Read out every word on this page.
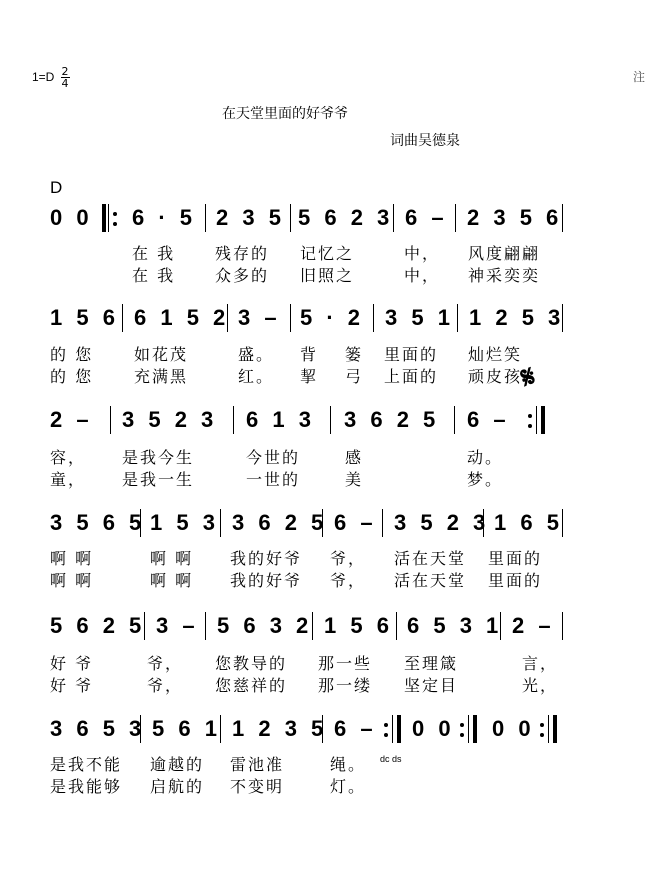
1=D 2
4	注
在天堂里面的好爷爷
词曲吴德泉
D
0 0 6 · 5 2 3 5 5 6 2 3 6 – 2 3 5 6
在 我 残存的 记忆之	中， 风度翩翩
在 我 众多的 旧照之	中， 神采奕奕
1 5 6 6 1 5 2 3 – 5 · 2 3 5 1 1 2 5 3
的 您	如花茂	盛。 背 篓 里面的 灿烂笑
的 您	充满黑	红。 挈 弓 上面的 顽皮孩
𝄋
2 – 3 5 2 3 6 1 3 3 6 2 5 6 –
容， 是我今生	今世的	感	动。
童， 是我一生	一世的	美	梦。
3 5 6 5 1 5 3 3 6 2 5 6 – 3 5 2 3 1 6 5
啊 啊	啊 啊 我的好爷 爷， 活在天堂 里面的
啊 啊	啊 啊 我的好爷 爷， 活在天堂 里面的
5 6 2 5 3 – 5 6 3 2 1 5 6 6 5 3 1 2 –
好 爷	爷， 您教导的 那一些 至理箴	言，
好 爷	爷， 您慈祥的 那一缕 坚定目	光，
3 6 5 3 5 6 1 1 2 3 5 6 – 0 0 0 0
是我不能 逾越的 雷池准	绳。 dc ds
是我能够 启航的 不变明	灯。
